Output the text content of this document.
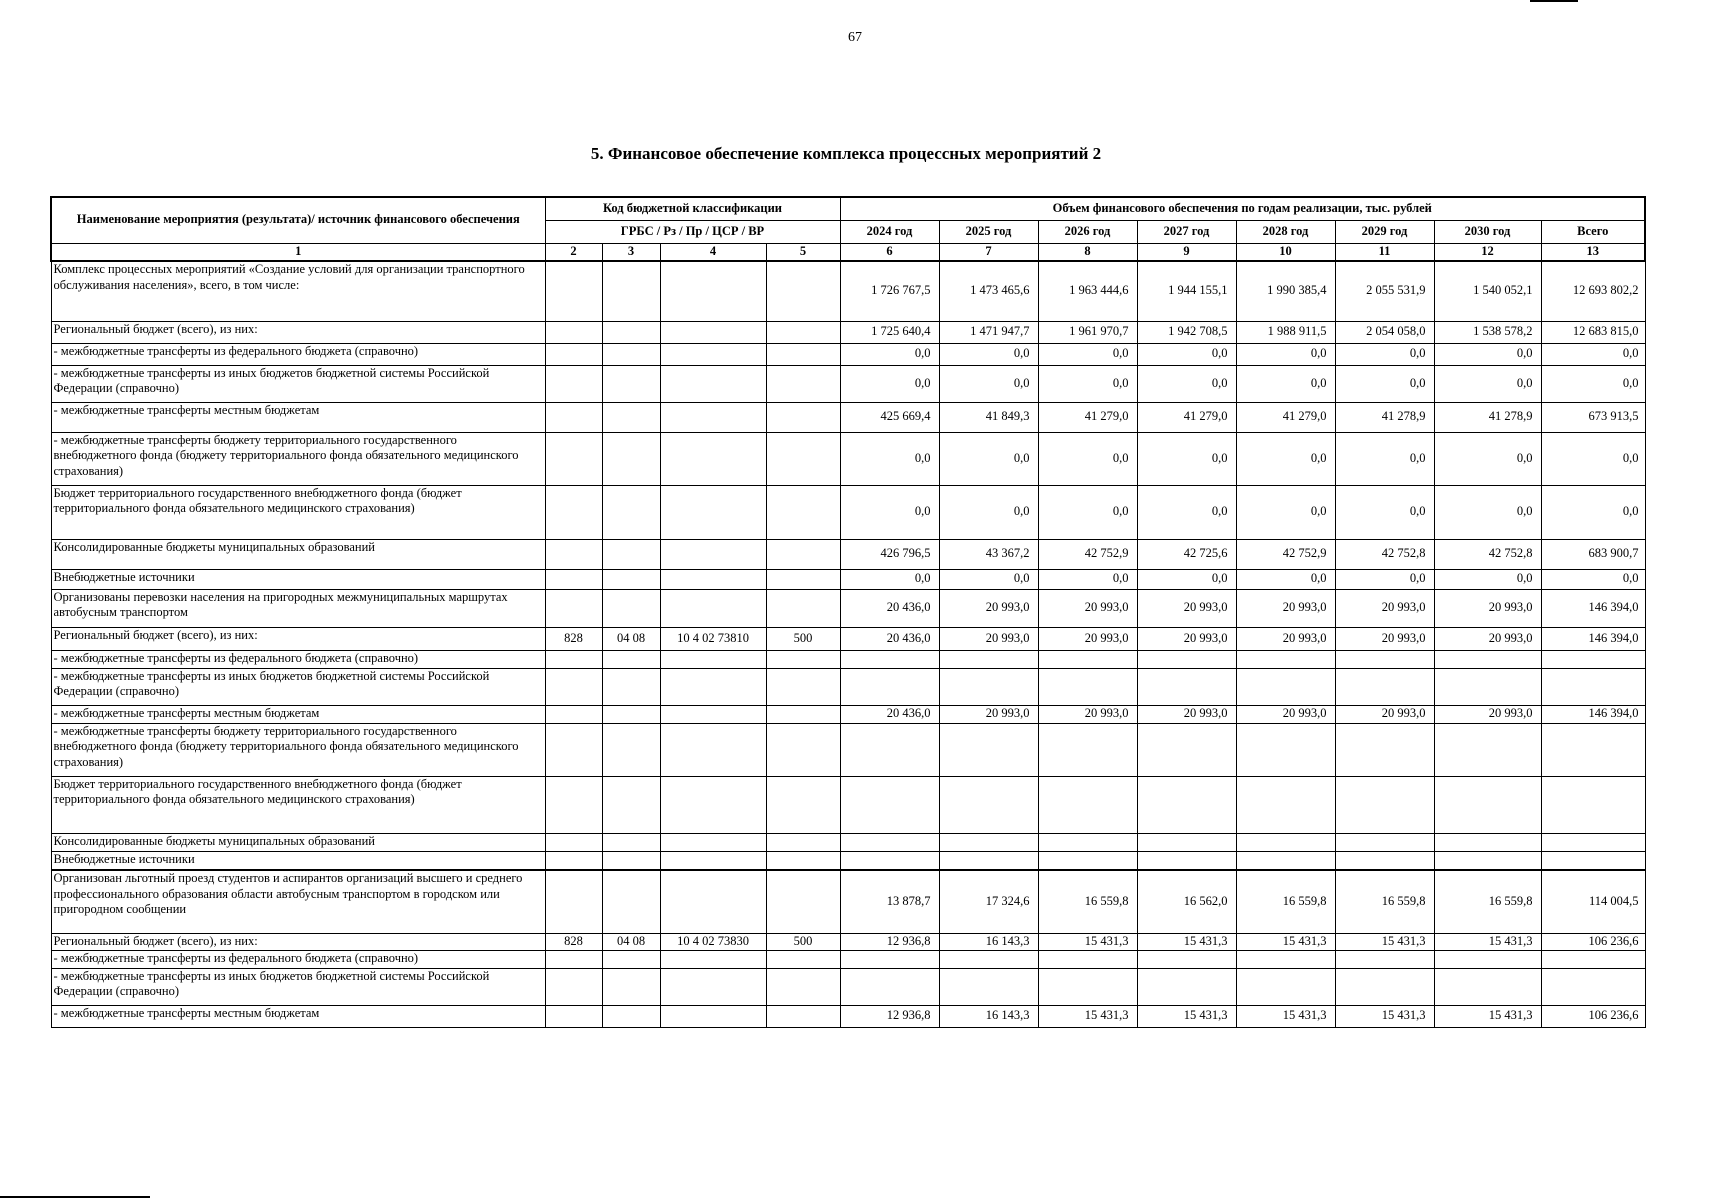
67
5. Финансовое обеспечение комплекса процессных мероприятий 2
Наименование мероприятия (результата)/ источник финансового обеспечения	Код бюджетной классификации				Объем финансового обеспечения по годам реализации, тыс. рублей							
	ГРБС / Рз / Пр / ЦСР / ВР				2024 год	2025 год	2026 год	2027 год	2028 год	2029 год	2030 год	Всего
1	2	3	4	5	6	7	8	9	10	11	12	13
Комплекс процессных мероприятий «Создание условий для организации транспортного обслуживания населения», всего, в том числе:					1 726 767,5	1 473 465,6	1 963 444,6	1 944 155,1	1 990 385,4	2 055 531,9	1 540 052,1	12 693 802,2
Региональный бюджет (всего), из них:					1 725 640,4	1 471 947,7	1 961 970,7	1 942 708,5	1 988 911,5	2 054 058,0	1 538 578,2	12 683 815,0
- межбюджетные трансферты из федерального бюджета (справочно)					0,0	0,0	0,0	0,0	0,0	0,0	0,0	0,0
- межбюджетные трансферты из иных бюджетов бюджетной системы Российской Федерации (справочно)					0,0	0,0	0,0	0,0	0,0	0,0	0,0	0,0
- межбюджетные трансферты местным бюджетам					425 669,4	41 849,3	41 279,0	41 279,0	41 279,0	41 278,9	41 278,9	673 913,5
- межбюджетные трансферты бюджету территориального государственного внебюджетного фонда (бюджету территориального фонда обязательного медицинского страхования)					0,0	0,0	0,0	0,0	0,0	0,0	0,0	0,0
Бюджет территориального государственного внебюджетного фонда (бюджет территориального фонда обязательного медицинского страхования)					0,0	0,0	0,0	0,0	0,0	0,0	0,0	0,0
Консолидированные бюджеты муниципальных образований					426 796,5	43 367,2	42 752,9	42 725,6	42 752,9	42 752,8	42 752,8	683 900,7
Внебюджетные источники					0,0	0,0	0,0	0,0	0,0	0,0	0,0	0,0
Организованы перевозки населения на пригородных межмуниципальных маршрутах автобусным транспортом					20 436,0	20 993,0	20 993,0	20 993,0	20 993,0	20 993,0	20 993,0	146 394,0
Региональный бюджет (всего), из них:	828	04 08	10 4 02 73810	500	20 436,0	20 993,0	20 993,0	20 993,0	20 993,0	20 993,0	20 993,0	146 394,0
- межбюджетные трансферты из федерального бюджета (справочно)												
- межбюджетные трансферты из иных бюджетов бюджетной системы Российской Федерации (справочно)												
- межбюджетные трансферты местным бюджетам					20 436,0	20 993,0	20 993,0	20 993,0	20 993,0	20 993,0	20 993,0	146 394,0
- межбюджетные трансферты бюджету территориального государственного внебюджетного фонда (бюджету территориального фонда обязательного медицинского страхования)												
Бюджет территориального государственного внебюджетного фонда (бюджет территориального фонда обязательного медицинского страхования)												
Консолидированные бюджеты муниципальных образований												
Внебюджетные источники												
Организован льготный проезд студентов и аспирантов организаций высшего и среднего профессионального образования области автобусным транспортом в городском или пригородном сообщении					13 878,7	17 324,6	16 559,8	16 562,0	16 559,8	16 559,8	16 559,8	114 004,5
Региональный бюджет (всего), из них:	828	04 08	10 4 02 73830	500	12 936,8	16 143,3	15 431,3	15 431,3	15 431,3	15 431,3	15 431,3	106 236,6
- межбюджетные трансферты из федерального бюджета (справочно)												
- межбюджетные трансферты из иных бюджетов бюджетной системы Российской Федерации (справочно)												
- межбюджетные трансферты местным бюджетам					12 936,8	16 143,3	15 431,3	15 431,3	15 431,3	15 431,3	15 431,3	106 236,6
